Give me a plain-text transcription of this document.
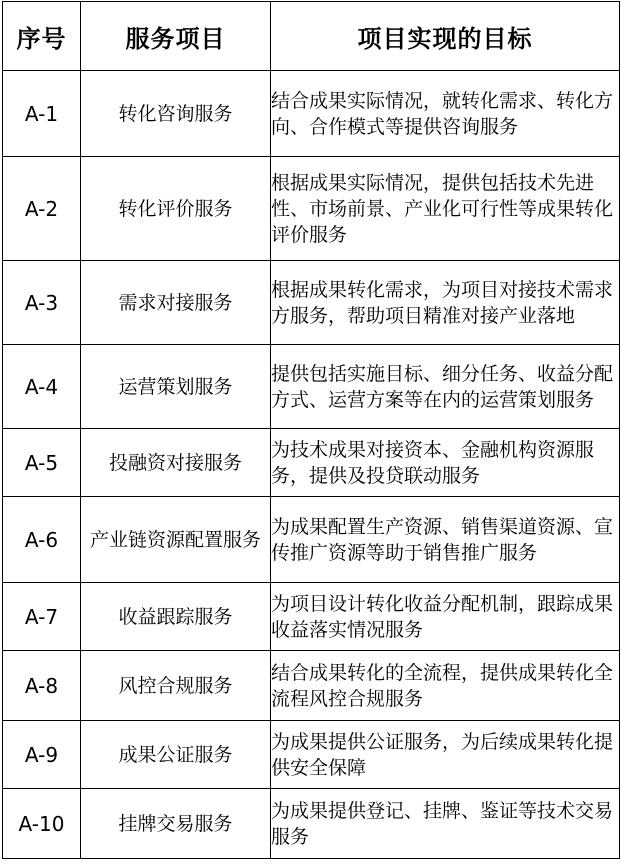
序号	服务项目	项目实现的目标
A-1	转化咨询服务	结合成果实际情况，就转化需求、转化方向、合作模式等提供咨询服务
A-2	转化评价服务	根据成果实际情况，提供包括技术先进性、市场前景、产业化可行性等成果转化评价服务
A-3	需求对接服务	根据成果转化需求，为项目对接技术需求方服务，帮助项目精准对接产业落地
A-4	运营策划服务	提供包括实施目标、细分任务、收益分配方式、运营方案等在内的运营策划服务
A-5	投融资对接服务	为技术成果对接资本、金融机构资源服务，提供及投贷联动服务
A-6	产业链资源配置服务	为成果配置生产资源、销售渠道资源、宣传推广资源等助于销售推广服务
A-7	收益跟踪服务	为项目设计转化收益分配机制，跟踪成果收益落实情况服务
A-8	风控合规服务	结合成果转化的全流程，提供成果转化全流程风控合规服务
A-9	成果公证服务	为成果提供公证服务，为后续成果转化提供安全保障
A-10	挂牌交易服务	为成果提供登记、挂牌、鉴证等技术交易服务
